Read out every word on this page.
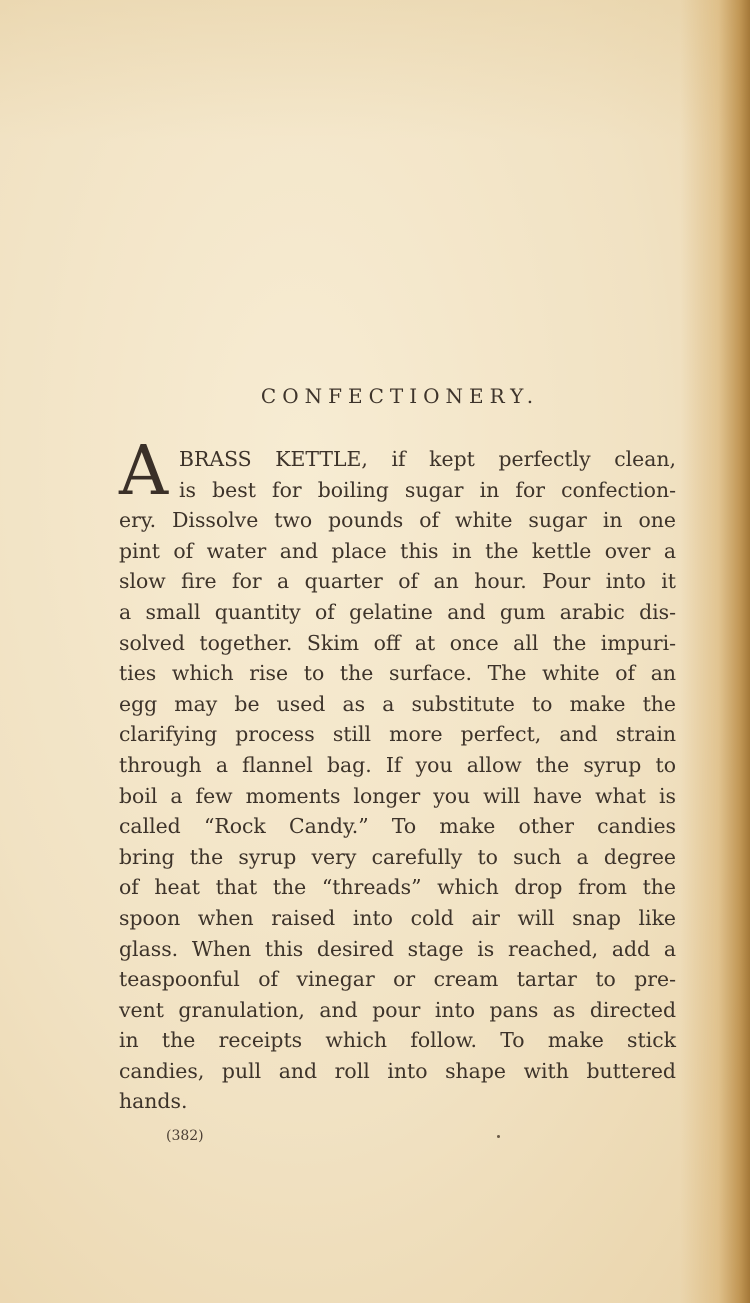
CONFECTIONERY.
A BRASS KETTLE, if kept perfectly clean,
is best for boiling sugar in for confection-
ery. Dissolve two pounds of white sugar in one
pint of water and place this in the kettle over a
slow fire for a quarter of an hour. Pour into it
a small quantity of gelatine and gum arabic dis-
solved together. Skim off at once all the impuri-
ties which rise to the surface. The white of an
egg may be used as a substitute to make the
clarifying process still more perfect, and strain
through a flannel bag. If you allow the syrup to
boil a few moments longer you will have what is
called “Rock Candy.” To make other candies
bring the syrup very carefully to such a degree
of heat that the “threads” which drop from the
spoon when raised into cold air will snap like
glass. When this desired stage is reached, add a
teaspoonful of vinegar or cream tartar to pre-
vent granulation, and pour into pans as directed
in the receipts which follow. To make stick
candies, pull and roll into shape with buttered
hands.
(382)
